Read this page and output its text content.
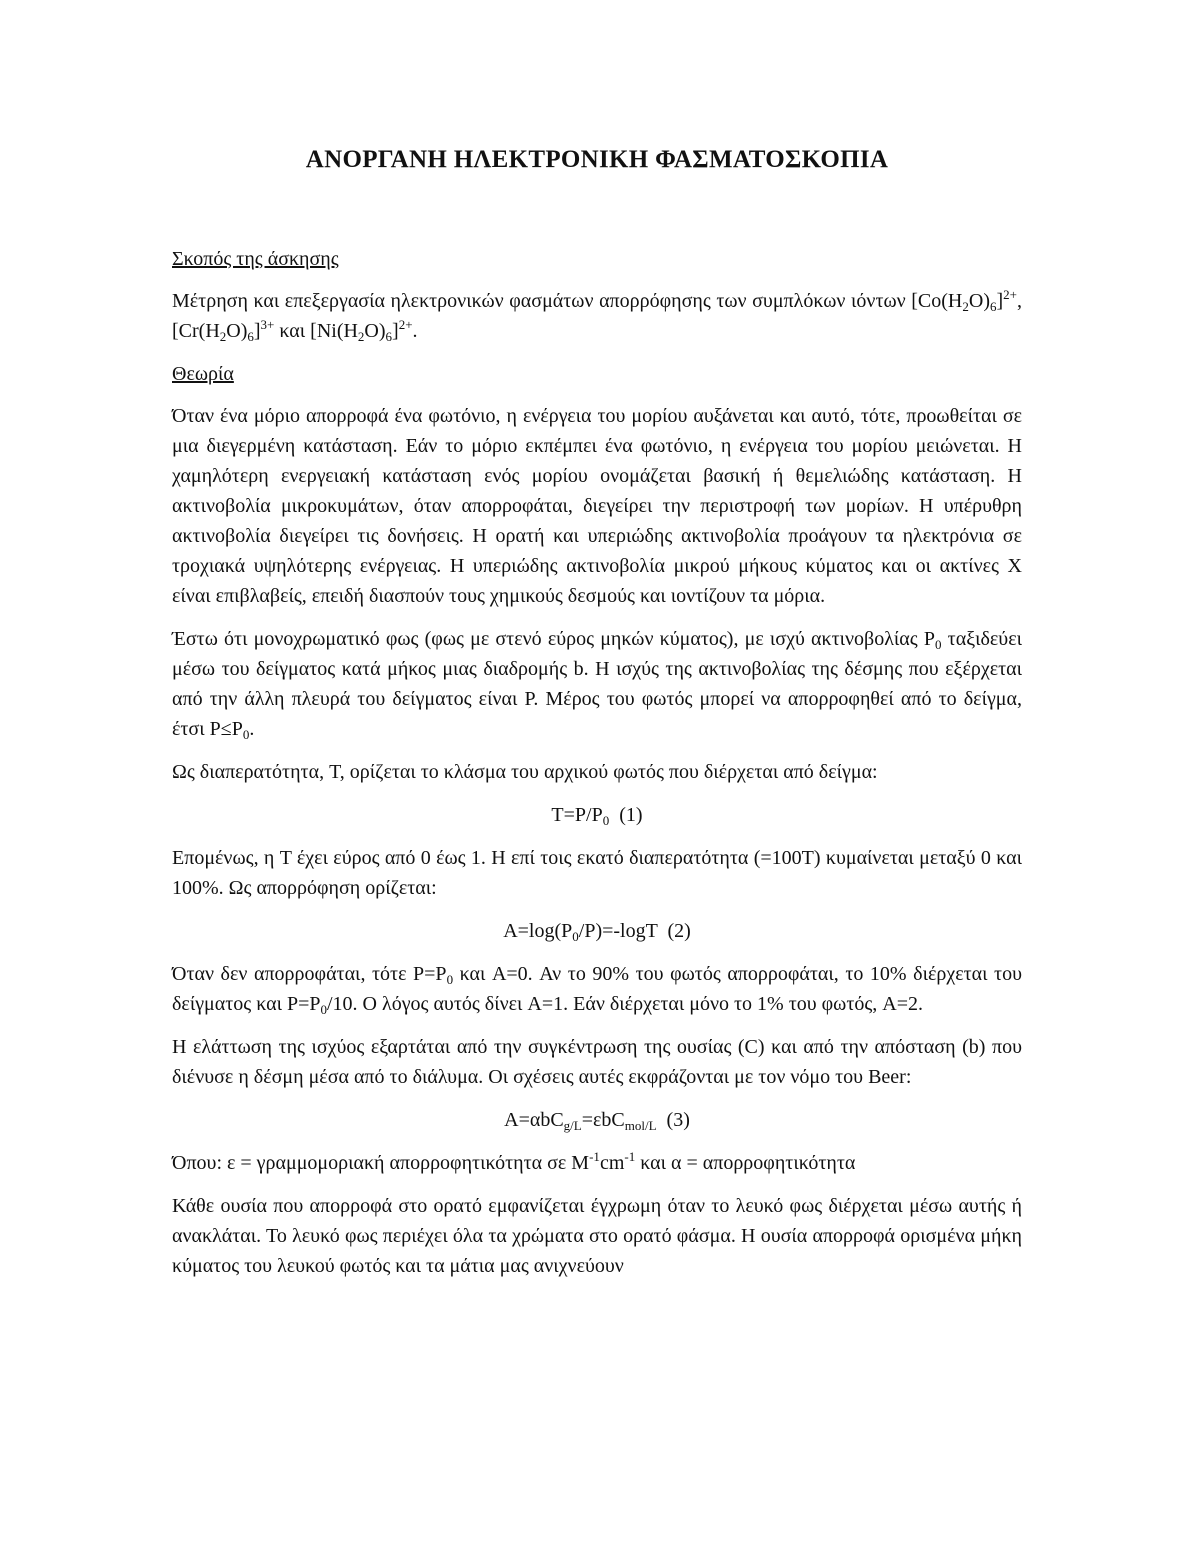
ΑΝΟΡΓΑΝΗ ΗΛΕΚΤΡΟΝΙΚΗ ΦΑΣΜΑΤΟΣΚΟΠΙΑ
Σκοπός της άσκησης

Μέτρηση και επεξεργασία ηλεκτρονικών φασμάτων απορρόφησης των συμπλόκων ιόντων $[Co(H_2O)_6]^{2+}$, $[Cr(H_2O)_6]^{3+}$ και $[Ni(H_2O)_6]^{2+}$.

Θεωρία

Όταν ένα μόριο απορροφά ένα φωτόνιο, η ενέργεια του μορίου αυξάνεται και αυτό, τότε, προωθείται σε μια διεγερμένη κατάσταση. Εάν το μόριο εκπέμπει ένα φωτόνιο, η ενέργεια του μορίου μειώνεται. Η χαμηλότερη ενεργειακή κατάσταση ενός μορίου ονομάζεται βασική ή θεμελιώδης κατάσταση. Η ακτινοβολία μικροκυμάτων, όταν απορροφάται, διεγείρει την περιστροφή των μορίων. Η υπέρυθρη ακτινοβολία διεγείρει τις δονήσεις. Η ορατή και υπεριώδης ακτινοβολία προάγουν τα ηλεκτρόνια σε τροχιακά υψηλότερης ενέργειας. Η υπεριώδης ακτινοβολία μικρού μήκους κύματος και οι ακτίνες Χ είναι επιβλαβείς, επειδή διασπούν τους χημικούς δεσμούς και ιοντίζουν τα μόρια.

Έστω ότι μονοχρωματικό φως (φως με στενό εύρος μηκών κύματος), με ισχύ ακτινοβολίας $P_0$ ταξιδεύει μέσω του δείγματος κατά μήκος μιας διαδρομής b. Η ισχύς της ακτινοβολίας της δέσμης που εξέρχεται από την άλλη πλευρά του δείγματος είναι P. Μέρος του φωτός μπορεί να απορροφηθεί από το δείγμα, έτσι $P\le P_0$.

Ως διαπερατότητα, T, ορίζεται το κλάσμα του αρχικού φωτός που διέρχεται από δείγμα:

$T=P/P_0$  (1)

Επομένως, η T έχει εύρος από 0 έως 1. Η επί τοις εκατό διαπερατότητα (=100T) κυμαίνεται μεταξύ 0 και 100%. Ως απορρόφηση ορίζεται:

$A=\log(P_0/P)=$-logT  (2)

Όταν δεν απορροφάται, τότε $P=P_0$ και A=0. Αν το 90% του φωτός απορροφάται, το 10% διέρχεται του δείγματος και $P=P_0/10$. Ο λόγος αυτός δίνει A=1. Εάν διέρχεται μόνο το 1% του φωτός, A=2.

Η ελάττωση της ισχύος εξαρτάται από την συγκέντρωση της ουσίας (C) και από την απόσταση (b) που διένυσε η δέσμη μέσα από το διάλυμα. Οι σχέσεις αυτές εκφράζονται με τον νόμο του Beer:

A=αbC$_{g/L}$=εbC$_{mol/L}$  (3)

Όπου: ε = γραμμομοριακή απορροφητικότητα σε $M^{-1}cm^{-1}$ και α = απορροφητικότητα

Κάθε ουσία που απορροφά στο ορατό εμφανίζεται έγχρωμη όταν το λευκό φως διέρχεται μέσω αυτής ή ανακλάται. Το λευκό φως περιέχει όλα τα χρώματα στο ορατό φάσμα. Η ουσία απορροφά ορισμένα μήκη κύματος του λευκού φωτός και τα μάτια μας ανιχνεύουν
